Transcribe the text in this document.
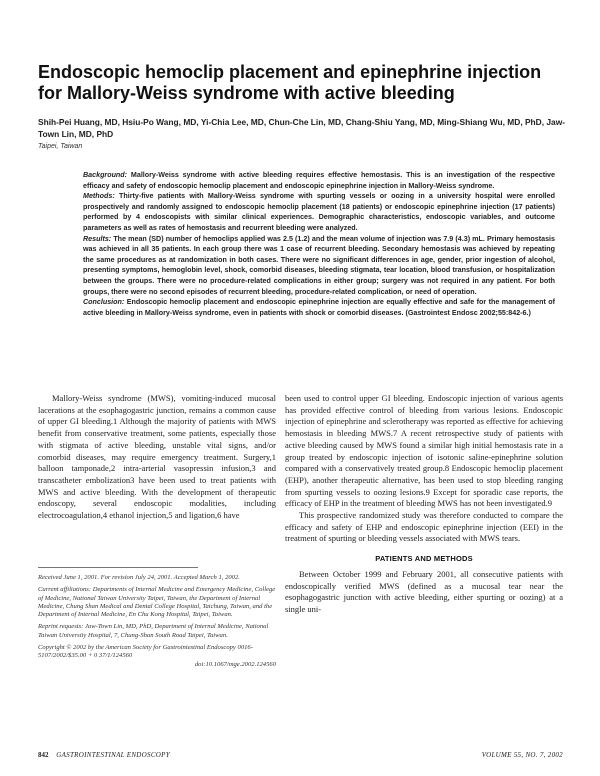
Endoscopic hemoclip placement and epinephrine injection for Mallory-Weiss syndrome with active bleeding
Shih-Pei Huang, MD, Hsiu-Po Wang, MD, Yi-Chia Lee, MD, Chun-Che Lin, MD, Chang-Shiu Yang, MD, Ming-Shiang Wu, MD, PhD, Jaw-Town Lin, MD, PhD
Taipei, Taiwan

Background: Mallory-Weiss syndrome with active bleeding requires effective hemostasis. This is an investigation of the respective efficacy and safety of endoscopic hemoclip placement and endoscopic epinephrine injection in Mallory-Weiss syndrome.

Methods: Thirty-five patients with Mallory-Weiss syndrome with spurting vessels or oozing in a university hospital were enrolled prospectively and randomly assigned to endoscopic hemoclip placement (18 patients) or endoscopic epinephrine injection (17 patients) performed by 4 endoscopists with similar clinical experiences. Demographic characteristics, endoscopic variables, and outcome parameters as well as rates of hemostasis and recurrent bleeding were analyzed.

Results: The mean (SD) number of hemoclips applied was 2.5 (1.2) and the mean volume of injection was 7.9 (4.3) mL. Primary hemostasis was achieved in all 35 patients. In each group there was 1 case of recurrent bleeding. Secondary hemostasis was achieved by repeating the same procedures as at randomization in both cases. There were no significant differences in age, gender, prior ingestion of alcohol, presenting symptoms, hemoglobin level, shock, comorbid diseases, bleeding stigmata, tear location, blood transfusion, or hospitalization between the groups. There were no procedure-related complications in either group; surgery was not required in any patient. For both groups, there were no second episodes of recurrent bleeding, procedure-related complication, or need of operation.

Conclusion: Endoscopic hemoclip placement and endoscopic epinephrine injection are equally effective and safe for the management of active bleeding in Mallory-Weiss syndrome, even in patients with shock or comorbid diseases. (Gastrointest Endosc 2002;55:842-6.)

Mallory-Weiss syndrome (MWS), vomiting-induced mucosal lacerations at the esophagogastric junction, remains a common cause of upper GI bleeding.1 Although the majority of patients with MWS benefit from conservative treatment, some patients, especially those with stigmata of active bleeding, unstable vital signs, and/or comorbid diseases, may require emergency treatment. Surgery,1 balloon tamponade,2 intra-arterial vasopressin infusion,3 and transcatheter embolization3 have been used to treat patients with MWS and active bleeding. With the development of therapeutic endoscopy, several endoscopic modalities, including electrocoagulation,4 ethanol injection,5 and ligation,6 have

Received June 1, 2001. For revision July 24, 2001. Accepted March 1, 2002.

Current affiliations: Departments of Internal Medicine and Emergency Medicine, College of Medicine, National Taiwan University Taipei, Taiwan, the Department of Internal Medicine, Chung Shan Medical and Dental College Hospital, Taichung, Taiwan, and the Department of Internal Medicine, En Chu Kong Hospital, Taipei, Taiwan.

Reprint requests: Jaw-Town Lin, MD, PhD, Department of Internal Medicine, National Taiwan University Hospital, 7, Chung-Shan South Road Taipei, Taiwan.

Copyright © 2002 by the American Society for Gastrointestinal Endoscopy 0016-5107/2002/$35.00 + 0 37/1/124560

doi:10.1067/mge.2002.124560

been used to control upper GI bleeding. Endoscopic injection of various agents has provided effective control of bleeding from various lesions. Endoscopic injection of epinephrine and sclerotherapy was reported as effective for achieving hemostasis in bleeding MWS.7 A recent retrospective study of patients with active bleeding caused by MWS found a similar high initial hemostasis rate in a group treated by endoscopic injection of isotonic saline-epinephrine solution compared with a conservatively treated group.8 Endoscopic hemoclip placement (EHP), another therapeutic alternative, has been used to stop bleeding ranging from spurting vessels to oozing lesions.9 Except for sporadic case reports, the efficacy of EHP in the treatment of bleeding MWS has not been investigated.9

This prospective randomized study was therefore conducted to compare the efficacy and safety of EHP and endoscopic epinephrine injection (EEI) in the treatment of spurting or bleeding vessels associated with MWS tears.

PATIENTS AND METHODS

Between October 1999 and February 2001, all consecutive patients with endoscopically verified MWS (defined as a mucosal tear near the esophagogastric junction with active bleeding, either spurting or oozing) at a single uni-

842 GASTROINTESTINAL ENDOSCOPY	VOLUME 55, NO. 7, 2002
